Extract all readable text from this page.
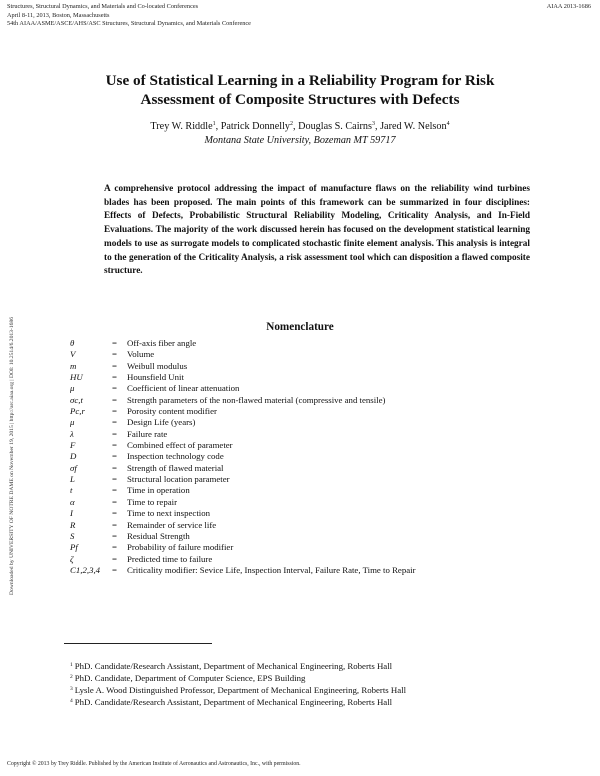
Structures, Structural Dynamics, and Materials and Co-located Conferences
April 8-11, 2013, Boston, Massachusetts
54th AIAA/ASME/ASCE/AHS/ASC Structures, Structural Dynamics, and Materials Conference
AIAA 2013-1686
Downloaded by UNIVERSITY OF NOTRE DAME on November 19, 2015 | http://arc.aiaa.org | DOI: 10.2514/6.2013-1686
Use of Statistical Learning in a Reliability Program for Risk
Assessment of Composite Structures with Defects
Trey W. Riddle$^1$, Patrick Donnelly$^2$, Douglas S. Cairns$^3$, Jared W. Nelson$^4$
Montana State University, Bozeman MT 59717
A comprehensive protocol addressing the impact of manufacture flaws on the reliability wind turbines blades has been proposed. The main points of this framework can be summarized in four disciplines: Effects of Defects, Probabilistic Structural Reliability Modeling, Criticality Analysis, and In-Field Evaluations. The majority of the work discussed herein has focused on the development statistical learning models to use as surrogate models to complicated stochastic finite element analysis. This analysis is integral to the generation of the Criticality Analysis, a risk assessment tool which can disposition a flawed composite structure.
Nomenclature
θ	= Off-axis fiber angle
V	= Volume
m	= Weibull modulus
HU	= Hounsfield Unit
μ	= Coefficient of linear attenuation
σc,t	= Strength parameters of the non-flawed material (compressive and tensile)
Pc,r	= Porosity content modifier
μ	= Design Life (years)
λ	= Failure rate
F	= Combined effect of parameter
D	= Inspection technology code
σf	= Strength of flawed material
L	= Structural location parameter
t	= Time in operation
α	= Time to repair
I	= Time to next inspection
R	= Remainder of service life
S	= Residual Strength
Pf	= Probability of failure modifier
ζ	= Predicted time to failure
C1,2,3,4 = Criticality modifier: Sevice Life, Inspection Interval, Failure Rate, Time to Repair
$^1$ PhD. Candidate/Research Assistant, Department of Mechanical Engineering, Roberts Hall
$^2$ PhD. Candidate, Department of Computer Science, EPS Building
$^3$ Lysle A. Wood Distinguished Professor, Department of Mechanical Engineering, Roberts Hall
$^4$ PhD. Candidate/Research Assistant, Department of Mechanical Engineering, Roberts Hall
Copyright © 2013 by Trey Riddle. Published by the American Institute of Aeronautics and Astronautics, Inc., with permission.
